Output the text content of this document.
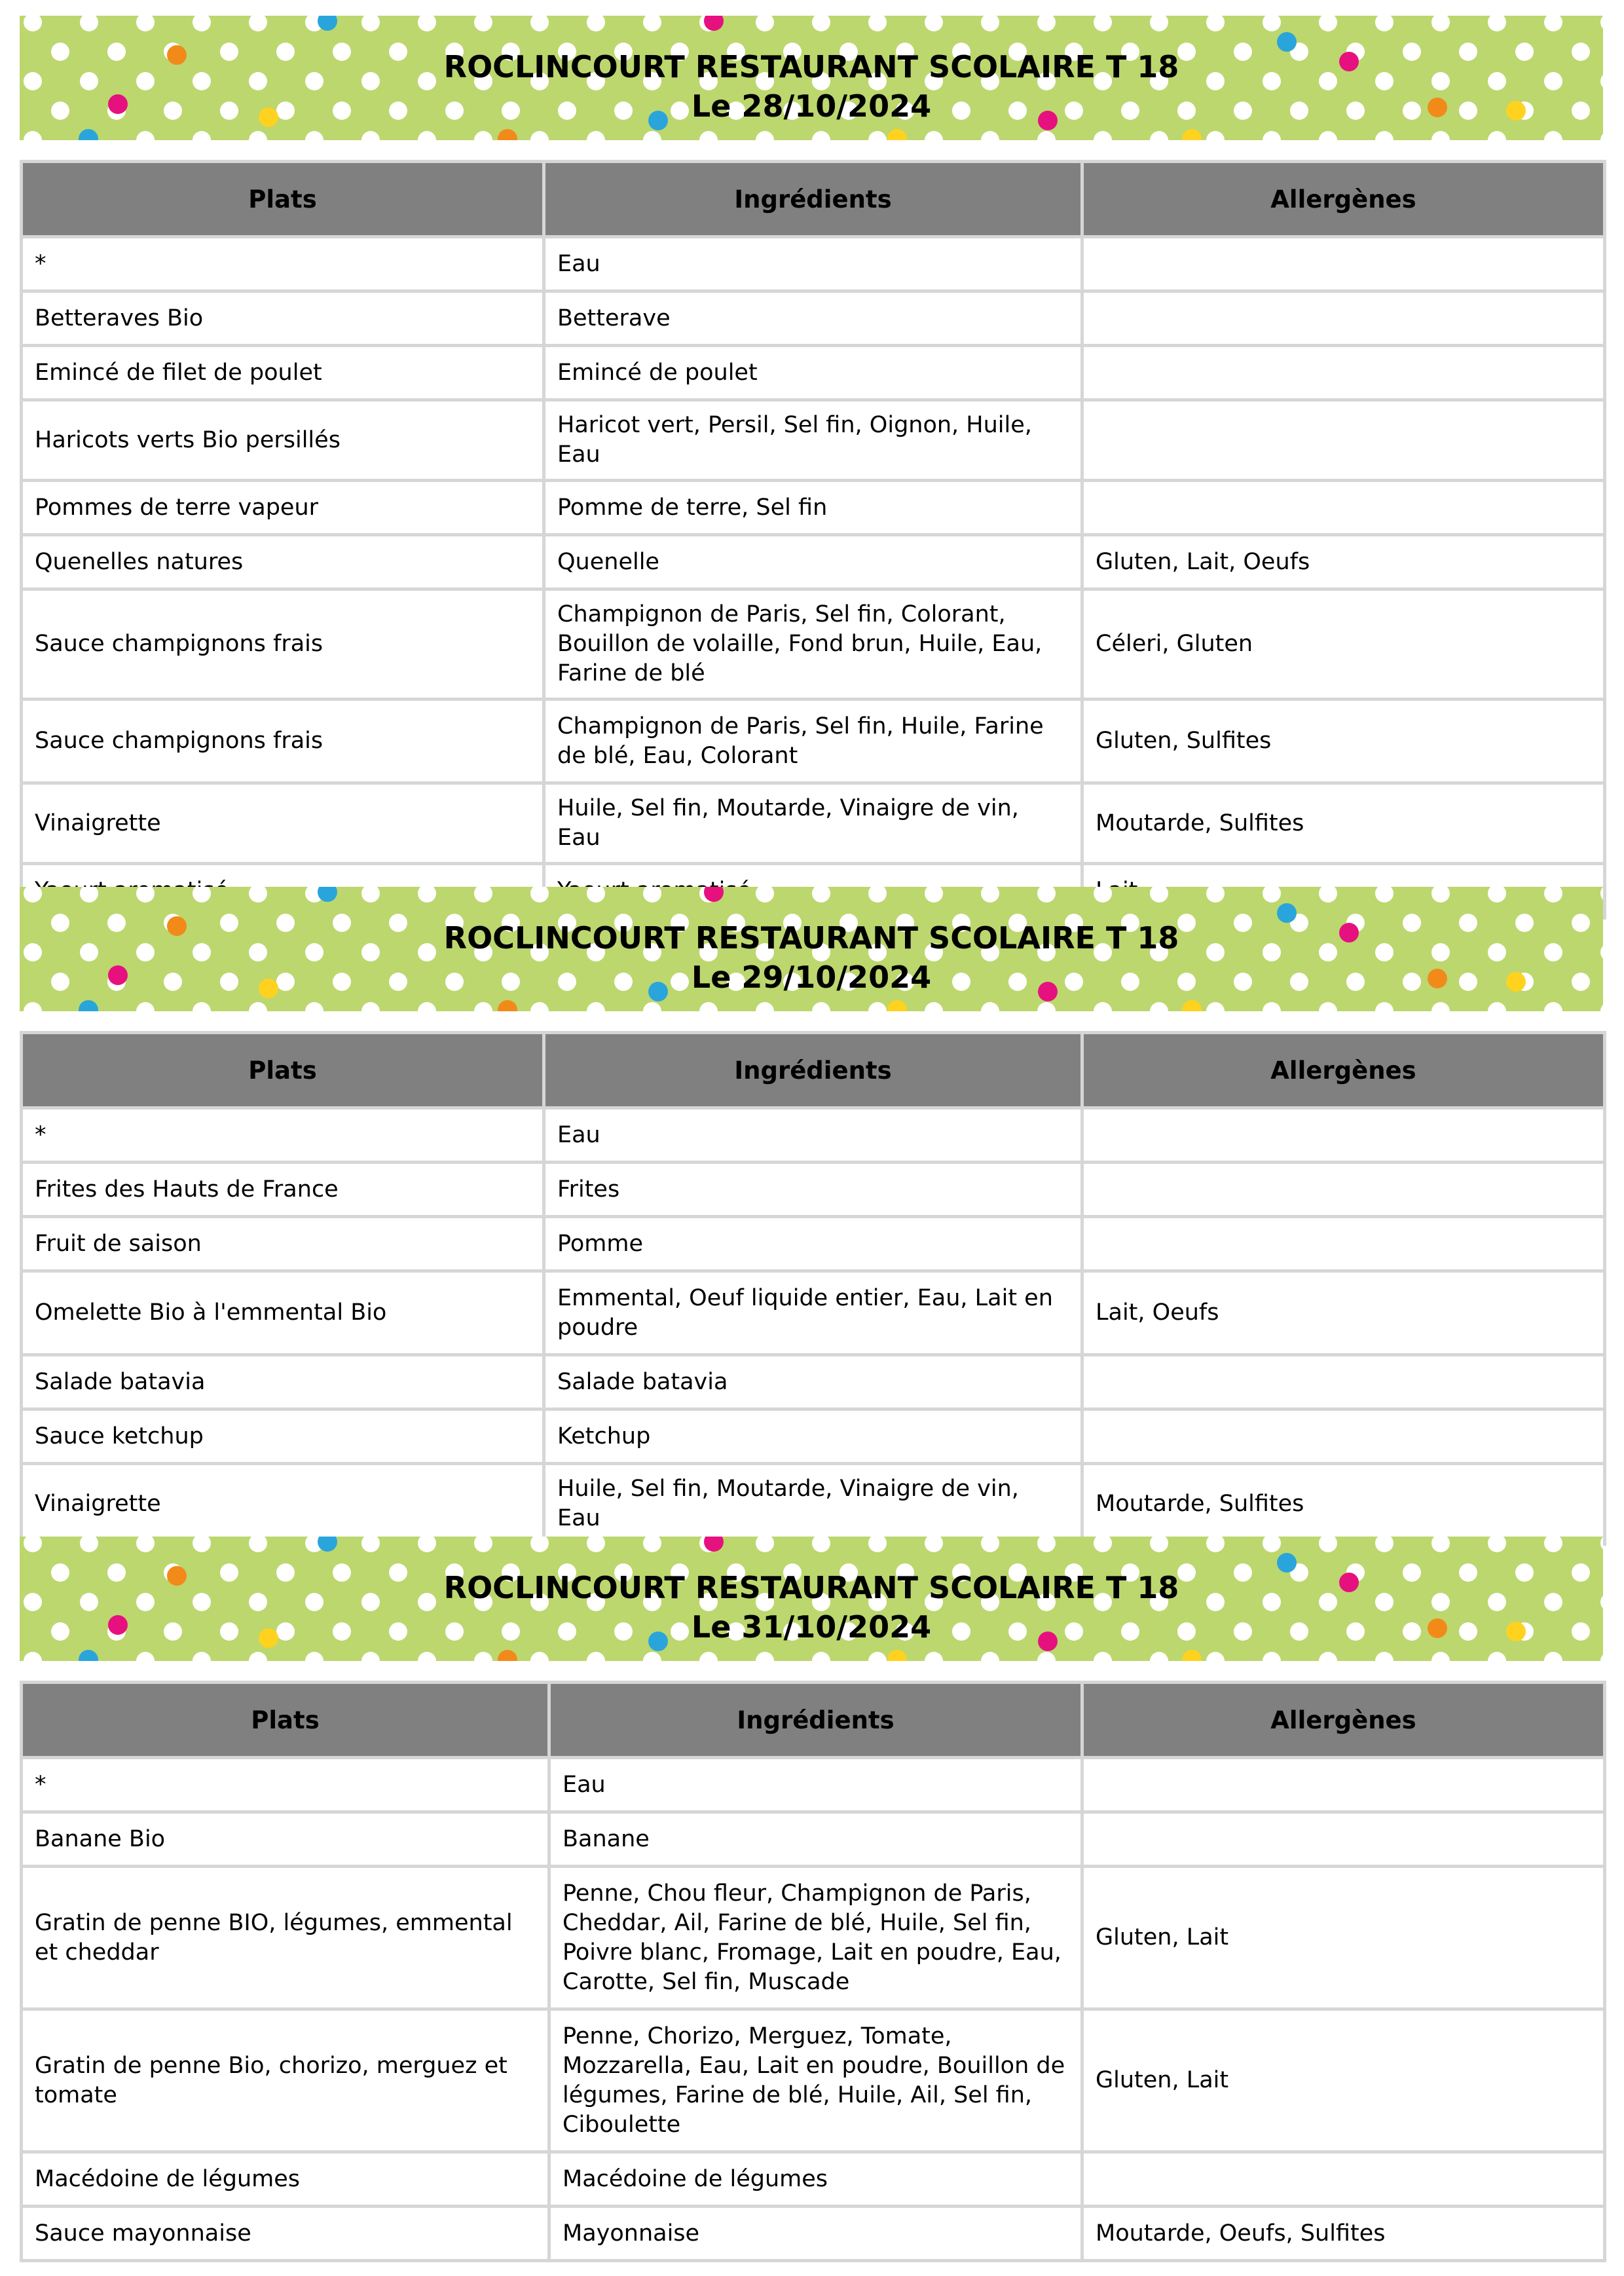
ROCLINCOURT RESTAURANT SCOLAIRE T 18
Le 28/10/2024
Plats	Ingrédients	Allergènes
*	Eau	
Betteraves Bio	Betterave	
Emincé de filet de poulet	Emincé de poulet	
Haricots verts Bio persillés	Haricot vert, Persil, Sel fin, Oignon, Huile, Eau	
Pommes de terre vapeur	Pomme de terre, Sel fin	
Quenelles natures	Quenelle	Gluten, Lait, Oeufs
Sauce champignons frais	Champignon de Paris, Sel fin, Colorant, Bouillon de volaille, Fond brun, Huile, Eau, Farine de blé	Céleri, Gluten
Sauce champignons frais	Champignon de Paris, Sel fin, Huile, Farine de blé, Eau, Colorant	Gluten, Sulfites
Vinaigrette	Huile, Sel fin, Moutarde, Vinaigre de vin, Eau	Moutarde, Sulfites

ROCLINCOURT RESTAURANT SCOLAIRE T 18
Le 29/10/2024
Plats	Ingrédients	Allergènes
*	Eau	
Frites des Hauts de France	Frites	
Fruit de saison	Pomme	
Omelette Bio à l'emmental Bio	Emmental, Oeuf liquide entier, Eau, Lait en poudre	Lait, Oeufs
Salade batavia	Salade batavia	
Sauce ketchup	Ketchup	
Vinaigrette	Huile, Sel fin, Moutarde, Vinaigre de vin, Eau	Moutarde, Sulfites
ROCLINCOURT RESTAURANT SCOLAIRE T 18
Le 31/10/2024
Plats	Ingrédients	Allergènes
*	Eau	
Banane Bio	Banane	
Gratin de penne BIO, légumes, emmental et cheddar	Penne, Chou fleur, Champignon de Paris, Cheddar, Ail, Farine de blé, Huile, Sel fin, Poivre blanc, Fromage, Lait en poudre, Eau, Carotte, Sel fin, Muscade	Gluten, Lait
Gratin de penne Bio, chorizo, merguez et tomate	Penne, Chorizo, Merguez, Tomate, Mozzarella, Eau, Lait en poudre, Bouillon de légumes, Farine de blé, Huile, Ail, Sel fin, Ciboulette	Gluten, Lait
Macédoine de légumes	Macédoine de légumes	
Sauce mayonnaise	Mayonnaise	Moutarde, Oeufs, Sulfites
